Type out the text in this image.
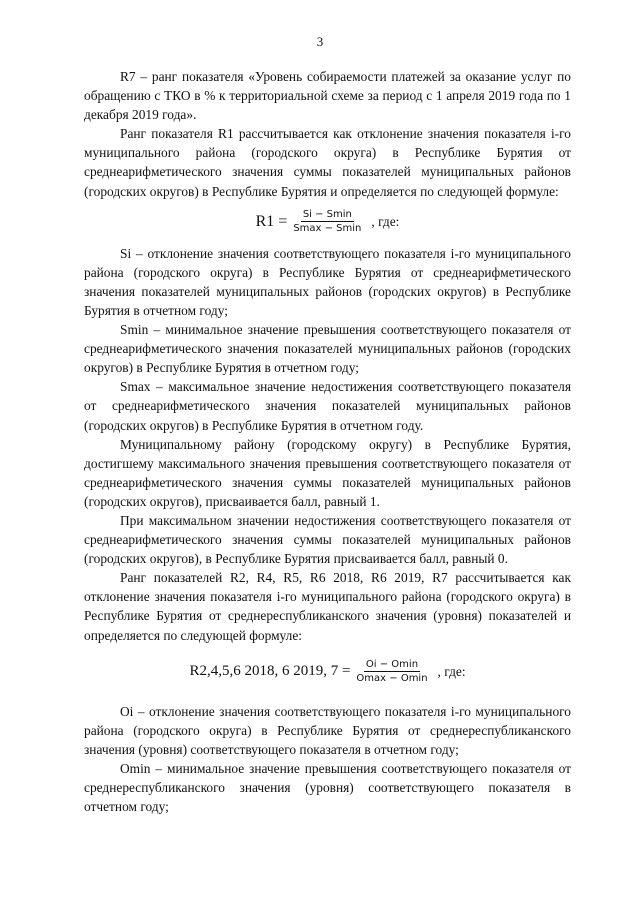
3

R7 – ранг показателя «Уровень собираемости платежей за оказание услуг по обращению с ТКО в % к территориальной схеме за период с 1 апреля 2019 года по 1 декабря 2019 года».

Ранг показателя R1 рассчитывается как отклонение значения показателя i-го муниципального района (городского округа) в Республике Бурятия от среднеарифметического значения суммы показателей муниципальных районов (городских округов) в Республике Бурятия и определяется по следующей формуле:

$R1 = \frac{Si - Smin}{Smax - Smin}$ , где:

Si – отклонение значения соответствующего показателя i-го муниципального района (городского округа) в Республике Бурятия от среднеарифметического значения показателей муниципальных районов (городских округов) в Республике Бурятия в отчетном году;

Smin – минимальное значение превышения соответствующего показателя от среднеарифметического значения показателей муниципальных районов (городских округов) в Республике Бурятия в отчетном году;

Smax – максимальное значение недостижения соответствующего показателя от среднеарифметического значения показателей муниципальных районов (городских округов) в Республике Бурятия в отчетном году.

Муниципальному району (городскому округу) в Республике Бурятия, достигшему максимального значения превышения соответствующего показателя от среднеарифметического значения суммы показателей муниципальных районов (городских округов), присваивается балл, равный 1.

При максимальном значении недостижения соответствующего показателя от среднеарифметического значения суммы показателей муниципальных районов (городских округов), в Республике Бурятия присваивается балл, равный 0.

Ранг показателей R2, R4, R5, R6 2018, R6 2019, R7 рассчитывается как отклонение значения показателя i-го муниципального района (городского округа) в Республике Бурятия от среднереспубликанского значения (уровня) показателей и определяется по следующей формуле:

R2,4,5,6 2018, 6 2019, $7 = \frac{Oi - Omin}{Omax - Omin}$ , где:

Oi – отклонение значения соответствующего показателя i-го муниципального района (городского округа) в Республике Бурятия от среднереспубликанского значения (уровня) соответствующего показателя в отчетном году;

Omin – минимальное значение превышения соответствующего показателя от среднереспубликанского значения (уровня) соответствующего показателя в отчетном году;
